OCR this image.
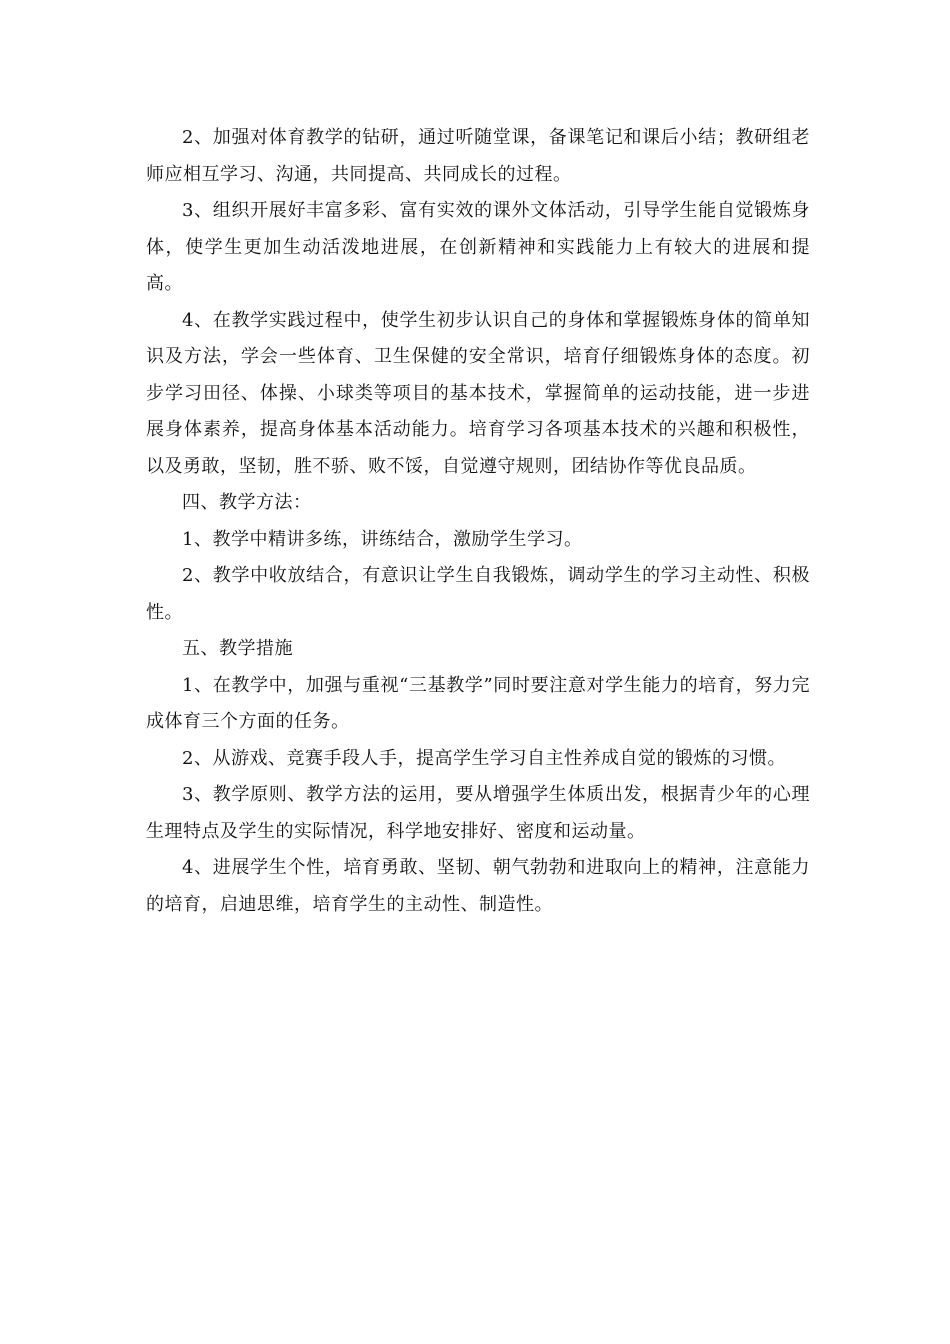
2、加强对体育教学的钻研，通过听随堂课，备课笔记和课后小结；教研组老师应相互学习、沟通，共同提高、共同成长的过程。

3、组织开展好丰富多彩、富有实效的课外文体活动，引导学生能自觉锻炼身体，使学生更加生动活泼地进展，在创新精神和实践能力上有较大的进展和提高。

4、在教学实践过程中，使学生初步认识自己的身体和掌握锻炼身体的简单知识及方法，学会一些体育、卫生保健的安全常识，培育仔细锻炼身体的态度。初步学习田径、体操、小球类等项目的基本技术，掌握简单的运动技能，进一步进展身体素养，提高身体基本活动能力。培育学习各项基本技术的兴趣和积极性，以及勇敢，坚韧，胜不骄、败不馁，自觉遵守规则，团结协作等优良品质。

四、教学方法：

1、教学中精讲多练，讲练结合，激励学生学习。

2、教学中收放结合，有意识让学生自我锻炼，调动学生的学习主动性、积极性。

五、教学措施

1、在教学中，加强与重视“三基教学”同时要注意对学生能力的培育，努力完成体育三个方面的任务。

2、从游戏、竞赛手段人手，提高学生学习自主性养成自觉的锻炼的习惯。

3、教学原则、教学方法的运用，要从增强学生体质出发，根据青少年的心理生理特点及学生的实际情况，科学地安排好、密度和运动量。

4、进展学生个性，培育勇敢、坚韧、朝气勃勃和进取向上的精神，注意能力的培育，启迪思维，培育学生的主动性、制造性。
